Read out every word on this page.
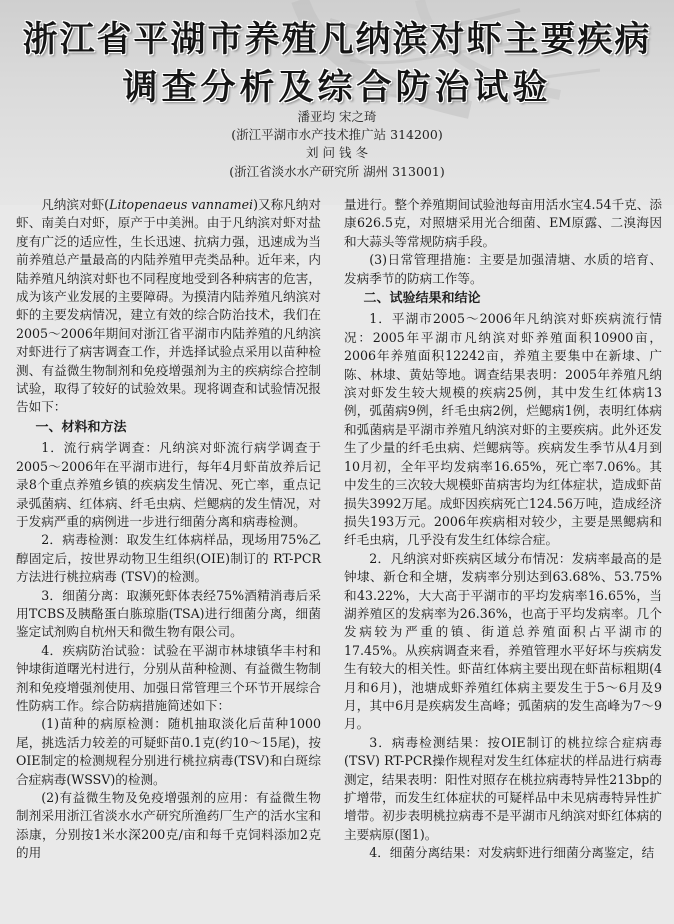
浙江省平湖市养殖凡纳滨对虾主要疾病
调查分析及综合防治试验
潘亚均 宋之琦
(浙江平湖市水产技术推广站 314200)
刘 问 钱 冬
(浙江省淡水水产研究所 湖州 313001)

凡纳滨对虾(Litopenaeus vannamei)又称凡纳对虾、南美白对虾，原产于中美洲。由于凡纳滨对虾对盐度有广泛的适应性，生长迅速、抗病力强，迅速成为当前养殖总产量最高的内陆养殖甲壳类品种。近年来，内陆养殖凡纳滨对虾也不同程度地受到各种病害的危害，成为该产业发展的主要障碍。为摸清内陆养殖凡纳滨对虾的主要发病情况，建立有效的综合防治技术，我们在2005～2006年期间对浙江省平湖市内陆养殖的凡纳滨对虾进行了病害调查工作，并选择试验点采用以苗种检测、有益微生物制剂和免疫增强剂为主的疾病综合控制试验，取得了较好的试验效果。现将调查和试验情况报告如下：

一、材料和方法

1．流行病学调查：凡纳滨对虾流行病学调查于2005～2006年在平湖市进行，每年4月虾苗放养后记录8个重点养殖乡镇的疾病发生情况、死亡率，重点记录弧菌病、红体病、纤毛虫病、烂鳃病的发生情况，对于发病严重的病例进一步进行细菌分离和病毒检测。

2．病毒检测：取发生红体病样品，现场用75%乙醇固定后，按世界动物卫生组织(OIE)制订的 RT-PCR方法进行桃拉病毒 (TSV)的检测。

3．细菌分离：取濒死虾体表经75%酒精消毒后采用TCBS及胰酪蛋白胨琼脂(TSA)进行细菌分离，细菌鉴定试剂购自杭州天和微生物有限公司。

4．疾病防治试验：试验在平湖市林埭镇华丰村和钟埭街道曙光村进行，分别从苗种检测、有益微生物制剂和免疫增强剂使用、加强日常管理三个环节开展综合性防病工作。综合防病措施简述如下：

(1)苗种的病原检测：随机抽取淡化后苗种1000尾，挑选活力较差的可疑虾苗0.1克(约10～15尾)，按OIE制定的检测规程分别进行桃拉病毒(TSV)和白斑综合症病毒(WSSV)的检测。

(2)有益微生物及免疫增强剂的应用：有益微生物制剂采用浙江省淡水水产研究所渔药厂生产的活水宝和添康，分别按1米水深200克/亩和每千克饲料添加2克的用

量进行。整个养殖期间试验池每亩用活水宝4.54千克、添康626.5克，对照塘采用光合细菌、EM原露、二溴海因和大蒜头等常规防病手段。

(3)日常管理措施：主要是加强清塘、水质的培育、发病季节的防病工作等。

二、试验结果和结论

1．平湖市2005～2006年凡纳滨对虾疾病流行情况：2005年平湖市凡纳滨对虾养殖面积10900亩，2006年养殖面积12242亩，养殖主要集中在新埭、广陈、林埭、黄姑等地。调查结果表明：2005年养殖凡纳滨对虾发生较大规模的疾病25例，其中发生红体病13例，弧菌病9例，纤毛虫病2例，烂鳃病1例，表明红体病和弧菌病是平湖市养殖凡纳滨对虾的主要疾病。此外还发生了少量的纤毛虫病、烂鳃病等。疾病发生季节从4月到10月初，全年平均发病率16.65%，死亡率7.06%。其中发生的三次较大规模虾苗病害均为红体症状，造成虾苗损失3992万尾。成虾因疾病死亡124.56万吨，造成经济损失193万元。2006年疾病相对较少，主要是黑鳃病和纤毛虫病，几乎没有发生红体综合症。

2．凡纳滨对虾疾病区域分布情况：发病率最高的是钟埭、新仓和全塘，发病率分别达到63.68%、53.75%和43.22%，大大高于平湖市的平均发病率16.65%，当湖养殖区的发病率为26.36%，也高于平均发病率。几个发病较为严重的镇、街道总养殖面积占平湖市的17.45%。从疾病调查来看，养殖管理水平好坏与疾病发生有较大的相关性。虾苗红体病主要出现在虾苗标粗期(4月和6月)，池塘成虾养殖红体病主要发生于5～6月及9月，其中6月是疾病发生高峰；弧菌病的发生高峰为7～9月。

3．病毒检测结果：按OIE制订的桃拉综合症病毒(TSV) RT-PCR操作规程对发生红体症状的样品进行病毒测定，结果表明：阳性对照存在桃拉病毒特异性213bp的扩增带，而发生红体症状的可疑样品中未见病毒特异性扩增带。初步表明桃拉病毒不是平湖市凡纳滨对虾红体病的主要病原(图1)。

4．细菌分离结果：对发病虾进行细菌分离鉴定，结
